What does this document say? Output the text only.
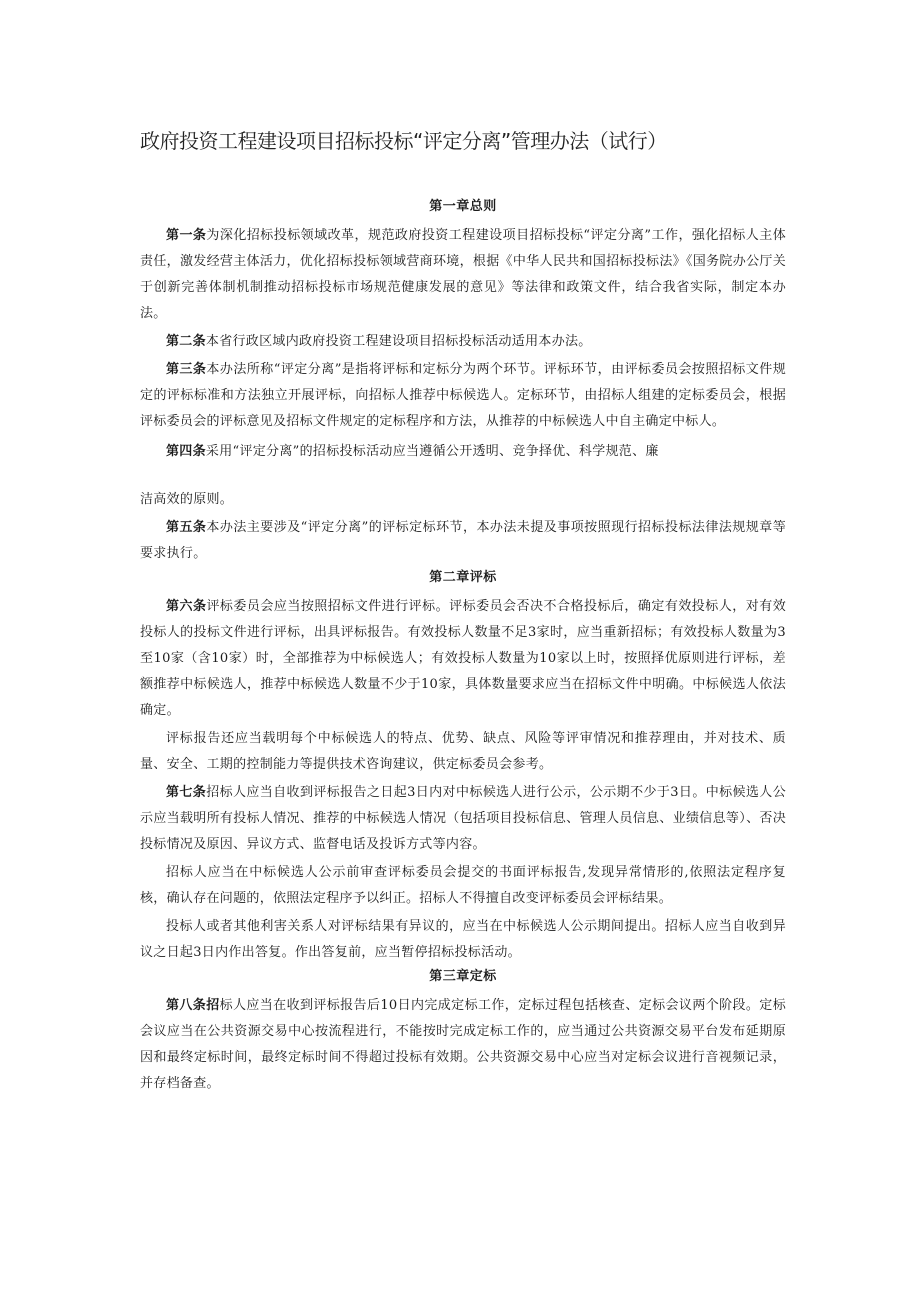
政府投资工程建设项目招标投标“评定分离”管理办法（试行）
第一章总则

第一条为深化招标投标领域改革，规范政府投资工程建设项目招标投标“评定分离”工作，强化招标人主体责任，激发经营主体活力，优化招标投标领域营商环境，根据《中华人民共和国招标投标法》《国务院办公厅关于创新完善体制机制推动招标投标市场规范健康发展的意见》等法律和政策文件，结合我省实际，制定本办法。

第二条本省行政区域内政府投资工程建设项目招标投标活动适用本办法。

第三条本办法所称“评定分离”是指将评标和定标分为两个环节。评标环节，由评标委员会按照招标文件规定的评标标准和方法独立开展评标，向招标人推荐中标候选人。定标环节，由招标人组建的定标委员会，根据评标委员会的评标意见及招标文件规定的定标程序和方法，从推荐的中标候选人中自主确定中标人。

第四条采用“评定分离”的招标投标活动应当遵循公开透明、竞争择优、科学规范、廉

洁高效的原则。

第五条本办法主要涉及“评定分离”的评标定标环节，本办法未提及事项按照现行招标投标法律法规规章等要求执行。

第二章评标

第六条评标委员会应当按照招标文件进行评标。评标委员会否决不合格投标后，确定有效投标人，对有效投标人的投标文件进行评标，出具评标报告。有效投标人数量不足3家时，应当重新招标；有效投标人数量为3至10家（含10家）时，全部推荐为中标候选人；有效投标人数量为10家以上时，按照择优原则进行评标，差额推荐中标候选人，推荐中标候选人数量不少于10家，具体数量要求应当在招标文件中明确。中标候选人依法确定。

评标报告还应当载明每个中标候选人的特点、优势、缺点、风险等评审情况和推荐理由，并对技术、质量、安全、工期的控制能力等提供技术咨询建议，供定标委员会参考。

第七条招标人应当自收到评标报告之日起3日内对中标候选人进行公示，公示期不少于3日。中标候选人公示应当载明所有投标人情况、推荐的中标候选人情况（包括项目投标信息、管理人员信息、业绩信息等）、否决投标情况及原因、异议方式、监督电话及投诉方式等内容。

招标人应当在中标候选人公示前审查评标委员会提交的书面评标报告,发现异常情形的,依照法定程序复核，确认存在问题的，依照法定程序予以纠正。招标人不得擅自改变评标委员会评标结果。

投标人或者其他利害关系人对评标结果有异议的，应当在中标候选人公示期间提出。招标人应当自收到异议之日起3日内作出答复。作出答复前，应当暂停招标投标活动。

第三章定标

第八条招标人应当在收到评标报告后10日内完成定标工作，定标过程包括核查、定标会议两个阶段。定标会议应当在公共资源交易中心按流程进行，不能按时完成定标工作的，应当通过公共资源交易平台发布延期原因和最终定标时间，最终定标时间不得超过投标有效期。公共资源交易中心应当对定标会议进行音视频记录，并存档备查。
